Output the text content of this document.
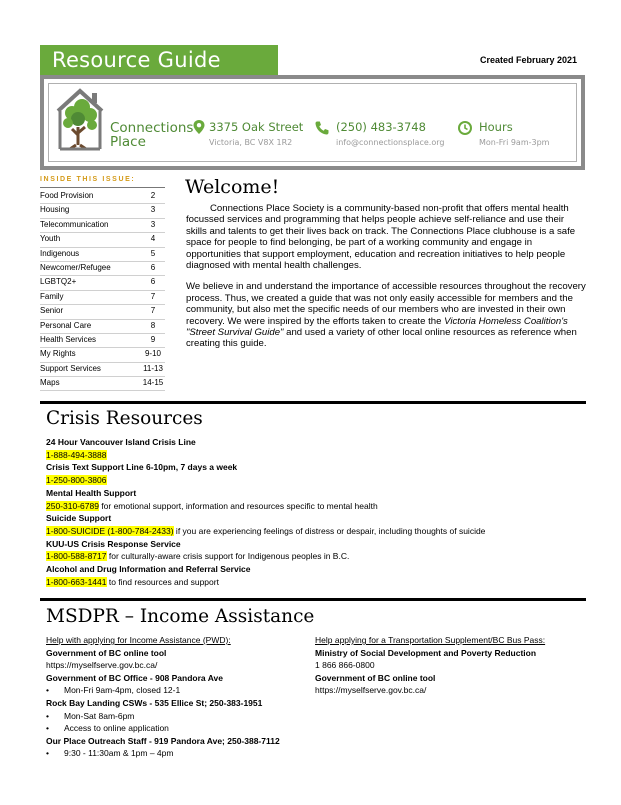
Resource Guide	Created February 2021
Connections
Place
3375 Oak Street
Victoria, BC V8X 1R2
(250) 483-3748
info@connectionsplace.org
Hours
Mon-Fri 9am-3pm
INSIDE THIS ISSUE:
Food Provision	2
Housing	3
Telecommunication	3
Youth	4
Indigenous	5
Newcomer/Refugee	6
LGBTQ2+	6
Family	7
Senior	7
Personal Care	8
Health Services	9
My Rights	9-10
Support Services	11-13
Maps	14-15
Welcome!

Connections Place Society is a community-based non-profit that offers mental health focussed services and programming that helps people achieve self-reliance and use their skills and talents to get their lives back on track. The Connections Place clubhouse is a safe space for people to find belonging, be part of a working community and engage in opportunities that support employment, education and recreation initiatives to help people diagnosed with mental health challenges.

We believe in and understand the importance of accessible resources throughout the recovery process. Thus, we created a guide that was not only easily accessible for members and the community, but also met the specific needs of our members who are invested in their own recovery. We were inspired by the efforts taken to create the Victoria Homeless Coalition's "Street Survival Guide" and used a variety of other local online resources as reference when creating this guide.

Crisis Resources
24 Hour Vancouver Island Crisis Line
1-888-494-3888
Crisis Text Support Line 6-10pm, 7 days a week
1-250-800-3806
Mental Health Support
250-310-6789 for emotional support, information and resources specific to mental health
Suicide Support
1-800-SUICIDE (1-800-784-2433) if you are experiencing feelings of distress or despair, including thoughts of suicide
KUU-US Crisis Response Service
1-800-588-8717 for culturally-aware crisis support for Indigenous peoples in B.C.
Alcohol and Drug Information and Referral Service
1-800-663-1441 to find resources and support
MSDPR – Income Assistance
Help with applying for Income Assistance (PWD):
Government of BC online tool
https://myselfserve.gov.bc.ca/
Government of BC Office - 908 Pandora Ave
• Mon-Fri 9am-4pm, closed 12-1
Rock Bay Landing CSWs - 535 Ellice St; 250-383-1951
• Mon-Sat 8am-6pm
• Access to online application
Our Place Outreach Staff - 919 Pandora Ave; 250-388-7112
• 9:30 - 11:30am & 1pm – 4pm
Help applying for a Transportation Supplement/BC Bus Pass:
Ministry of Social Development and Poverty Reduction
1 866 866-0800
Government of BC online tool
https://myselfserve.gov.bc.ca/
